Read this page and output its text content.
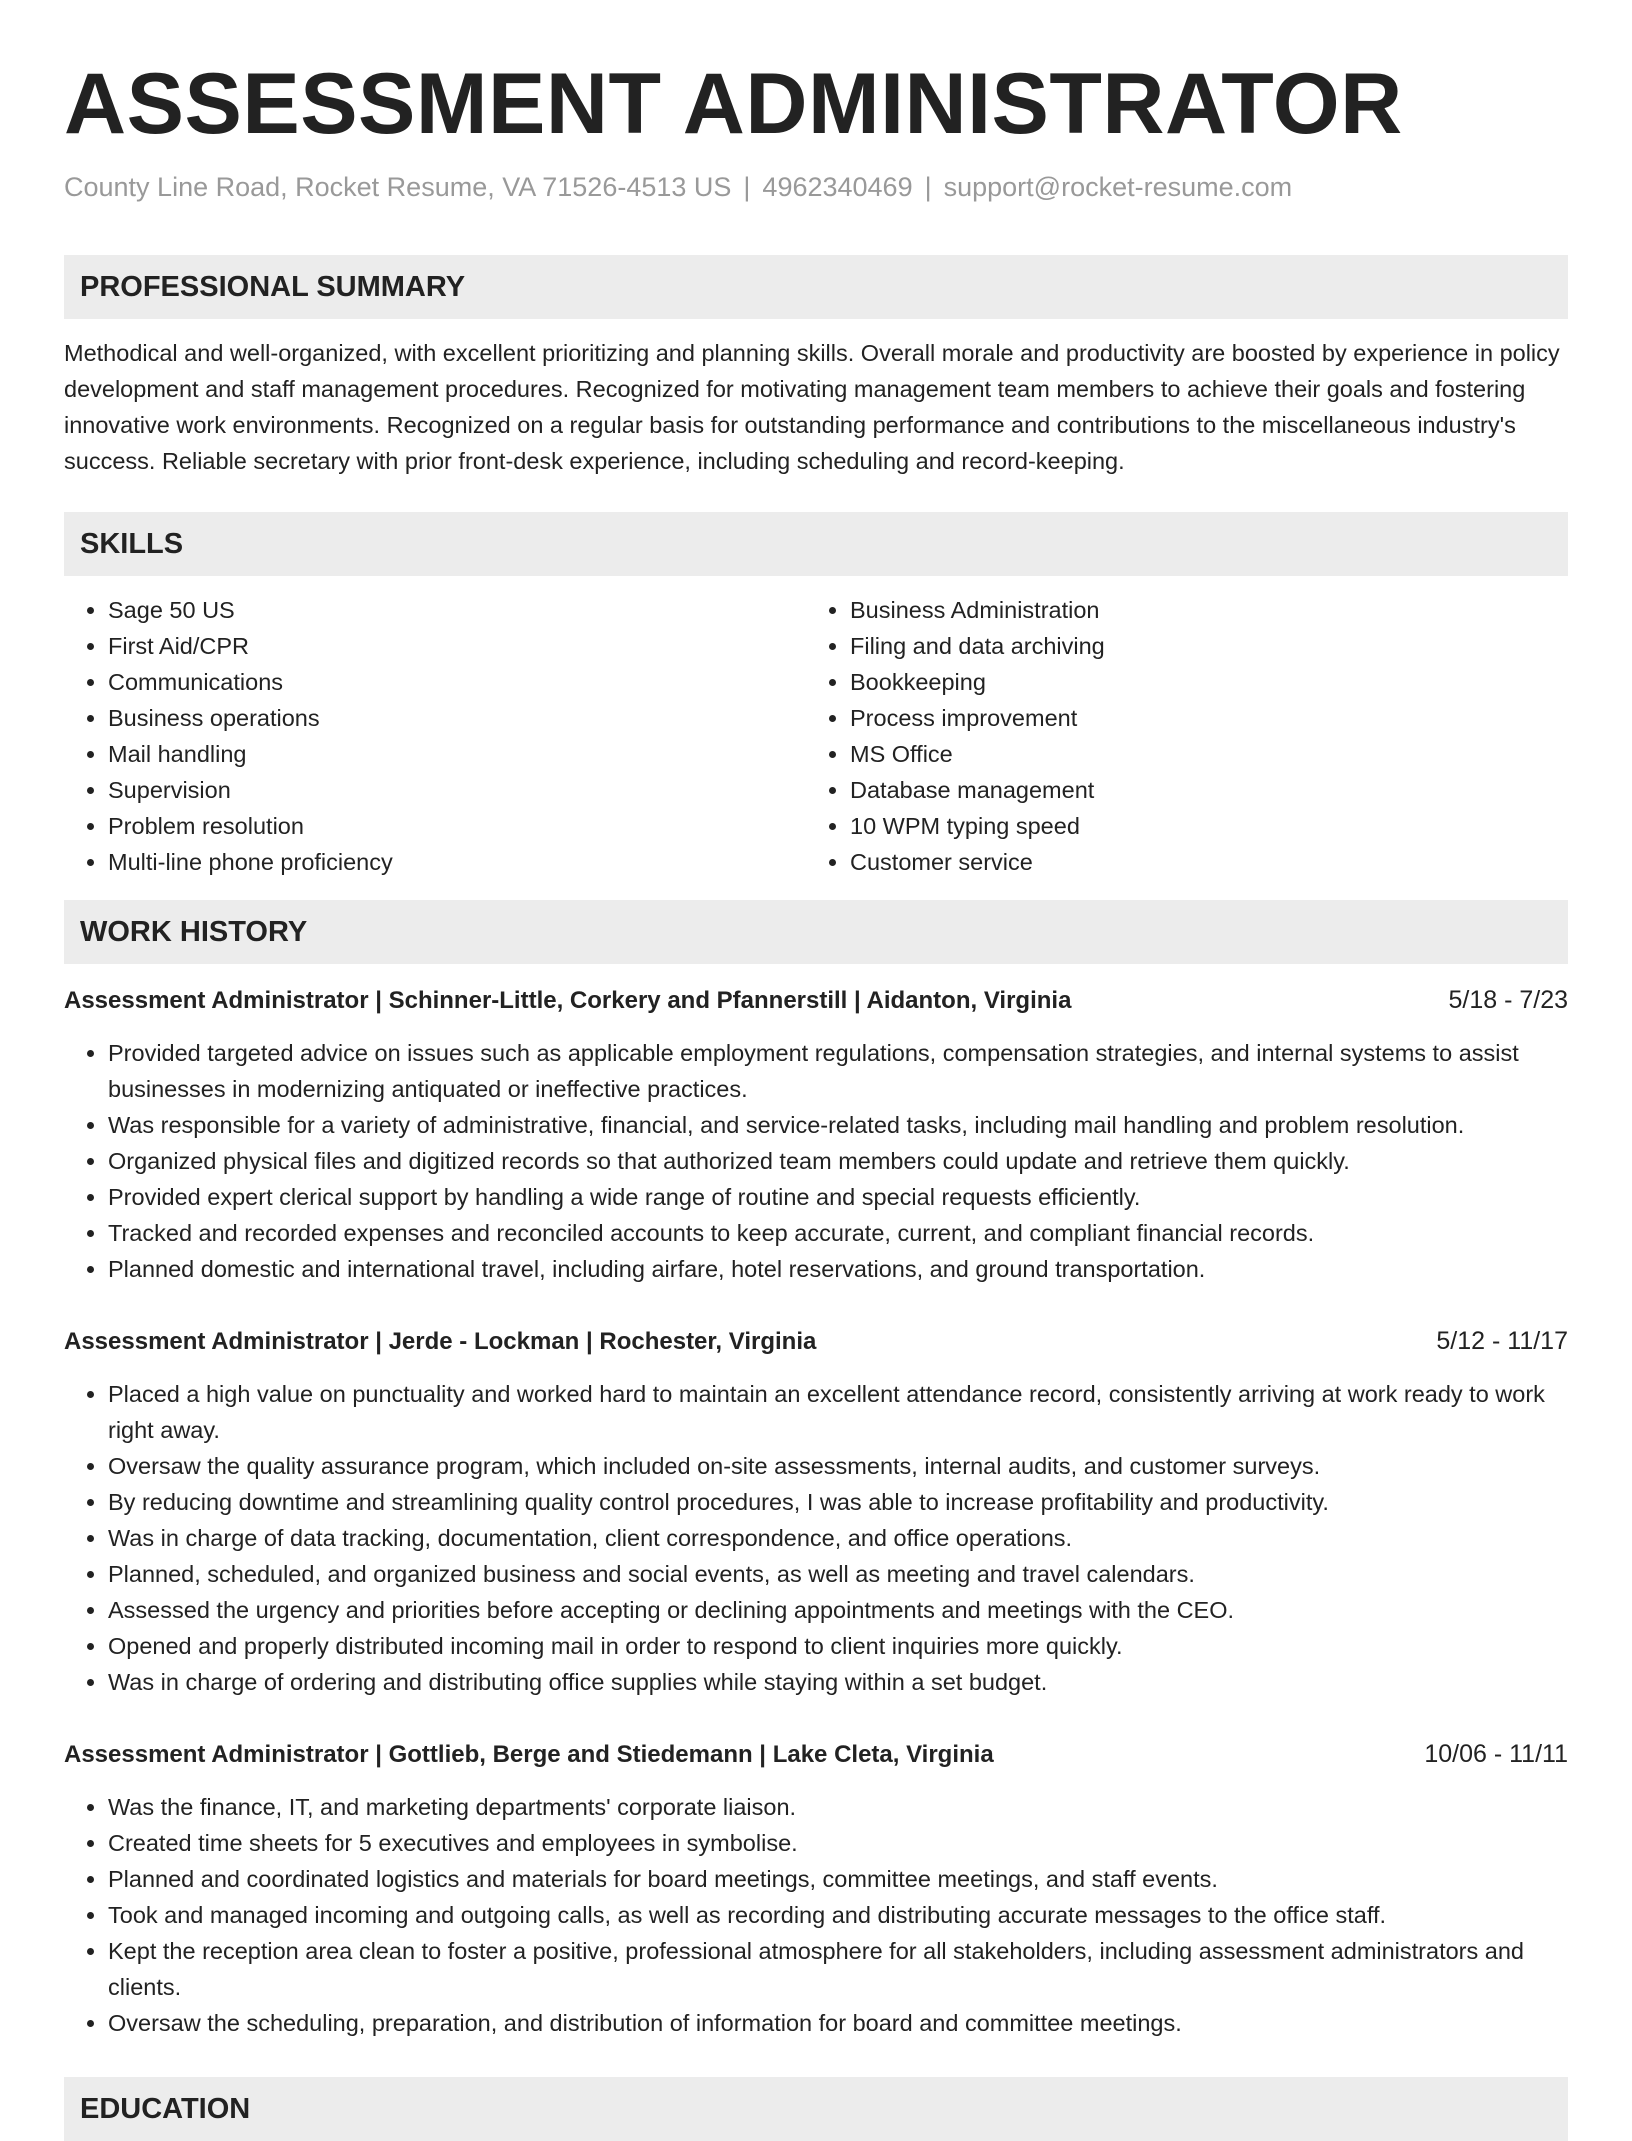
ASSESSMENT ADMINISTRATOR
County Line Road, Rocket Resume, VA 71526-4513 US | 4962340469 | support@rocket-resume.com
PROFESSIONAL SUMMARY

Methodical and well-organized, with excellent prioritizing and planning skills. Overall morale and productivity are boosted by experience in policy development and staff management procedures. Recognized for motivating management team members to achieve their goals and fostering innovative work environments. Recognized on a regular basis for outstanding performance and contributions to the miscellaneous industry's success. Reliable secretary with prior front-desk experience, including scheduling and record-keeping.

SKILLS
• Sage 50 US
• First Aid/CPR
• Communications
• Business operations
• Mail handling
• Supervision
• Problem resolution
• Multi-line phone proficiency
• Business Administration
• Filing and data archiving
• Bookkeeping
• Process improvement
• MS Office
• Database management
• 10 WPM typing speed
• Customer service
WORK HISTORY
Assessment Administrator | Schinner-Little, Corkery and Pfannerstill | Aidanton, Virginia	5/18 - 7/23
• Provided targeted advice on issues such as applicable employment regulations, compensation strategies, and internal systems to assist businesses in modernizing antiquated or ineffective practices.
• Was responsible for a variety of administrative, financial, and service-related tasks, including mail handling and problem resolution.
• Organized physical files and digitized records so that authorized team members could update and retrieve them quickly.
• Provided expert clerical support by handling a wide range of routine and special requests efficiently.
• Tracked and recorded expenses and reconciled accounts to keep accurate, current, and compliant financial records.
• Planned domestic and international travel, including airfare, hotel reservations, and ground transportation.
Assessment Administrator | Jerde - Lockman | Rochester, Virginia	5/12 - 11/17
• Placed a high value on punctuality and worked hard to maintain an excellent attendance record, consistently arriving at work ready to work right away.
• Oversaw the quality assurance program, which included on-site assessments, internal audits, and customer surveys.
• By reducing downtime and streamlining quality control procedures, I was able to increase profitability and productivity.
• Was in charge of data tracking, documentation, client correspondence, and office operations.
• Planned, scheduled, and organized business and social events, as well as meeting and travel calendars.
• Assessed the urgency and priorities before accepting or declining appointments and meetings with the CEO.
• Opened and properly distributed incoming mail in order to respond to client inquiries more quickly.
• Was in charge of ordering and distributing office supplies while staying within a set budget.
Assessment Administrator | Gottlieb, Berge and Stiedemann | Lake Cleta, Virginia	10/06 - 11/11
• Was the finance, IT, and marketing departments' corporate liaison.
• Created time sheets for 5 executives and employees in symbolise.
• Planned and coordinated logistics and materials for board meetings, committee meetings, and staff events.
• Took and managed incoming and outgoing calls, as well as recording and distributing accurate messages to the office staff.
• Kept the reception area clean to foster a positive, professional atmosphere for all stakeholders, including assessment administrators and clients.
• Oversaw the scheduling, preparation, and distribution of information for board and committee meetings.
EDUCATION
